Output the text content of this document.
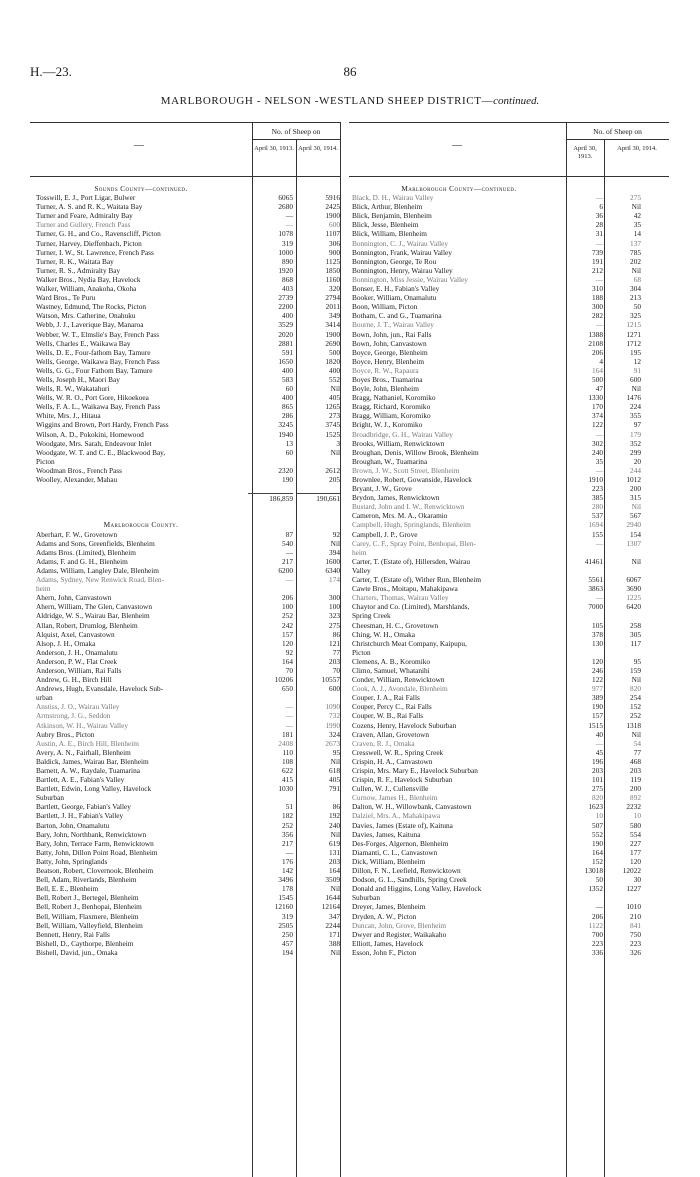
H.—23.	86
MARLBOROUGH - NELSON -WESTLAND SHEEP DISTRICT—continued.
—
No. of Sheep on
April 30, 1913. April 30, 1914.	—
No. of Sheep on
April 30, 1913.
April 30, 1914.
Sounds County—continued.
Tosswill, E. J., Port Ligar, Bulwer	6065	5916
Turner, A. S. and R. K., Waitata Bay	2680	2425
Turner and Feare, Admiralty Bay	—	1900
Turner and Gullery, French Pass	—	600
Turner, G. H., and Co., Ravenscliff, Picton	1078	1107
Turner, Harvey, Dieffenbach, Picton	319	306
Turner, I. W., St. Lawrence, French Pass	1000	900
Turner, R. K., Waitata Bay	890	1125
Turner, R. S., Admiralty Bay	1920	1850
Walker Bros., Nydia Bay, Havelock	868	1160
Walker, William, Anakoha, Okoha	403	320
Ward Bros., Te Puru	2739	2794
Wastney, Edmund, The Rocks, Picton	2200	2011
Watson, Mrs. Catherine, Onahuku	400	349
Webb, J. J., Laverique Bay, Manaroa	3529	3414
Webber, W. T., Elmslie's Bay, French Pass	2020	1900
Wells, Charles E., Waikawa Bay	2881	2690
Wells, D. E., Four-fathom Bay, Tamure	591	500
Wells, George, Waikawa Bay, French Pass	1650	1820
Wells, G. G., Four Fathom Bay, Tamure	400	400
Wells, Joseph H., Maori Bay	583	552
Wells, R. W., Wakatahuri	60	Nil
Wells, W. R. O., Port Gore, Hikoekoea	400	405
Wells, F. A. L., Waikawa Bay, French Pass	865	1265
White, Mrs. J., Hitaua	286	273
Wiggins and Brown, Port Hardy, French Pass	3245	3745
Wilson, A. D., Pokokini, Homewood	1940	1525
Woodgate, Mrs. Sarah, Endeavour Inlet	13	3
Woodgate, W. T. and C. E., Blackwood Bay,	60	Nil
Picton
Woodman Bros., French Pass	2320	2612
Woolley, Alexander, Mahau	190	205
186,859	190,661
Marlborough County.
Aberhart, F. W., Grovetown	87	92
Adams and Sons, Greenfields, Blenheim	540	Nil
Adams Bros. (Limited), Blenheim	—	394
Adams, F. and G. H., Blenheim	217	1600
Adams, William, Langley Dale, Blenheim	6200	6340
Adams, Sydney, New Renwick Road, Blen-	—	174
heim
Ahern, John, Canvastown	206	300
Ahern, William, The Glen, Canvastown	100	100
Aldridge, W. S., Wairau Bar, Blenheim	252	323
Allan, Robert, Drumlog, Blenheim	242	275
Alquist, Axel, Canvastown	157	86
Alsop, J. H., Omaka	120	121
Anderson, J. H., Onamalutu	92	77
Anderson, P. W., Flat Creek	164	203
Anderson, William, Rai Falls	70	70
Andrew, G. H., Birch Hill	10206	10557
Andrews, Hugh, Evansdale, Havelock Sub-	650	600
urban
Anstiss, J. O., Wairau Valley	—	1090
Armstrong, J. G., Seddon	—	732
Atkinson, W. H., Wairau Valley	—	1990
Aubry Bros., Picton	181	324
Austin, A. E., Birch Hill, Blenheim	2408	2673
Avery, A. N., Fairhall, Blenheim	110	95
Baldick, James, Wairau Bar, Blenheim	108	Nil
Barnett, A. W., Raydale, Tuamarina	622	618
Bartlett, A. E., Fabian's Valley	415	405
Bartlett, Edwin, Long Valley, Havelock	1030	791
Suburban
Bartlett, George, Fabian's Valley	51	86
Bartlett, J. H., Fabian's Valley	182	192
Barton, John, Onamalutu	252	240
Bary, John, Northbank, Renwicktown	356	Nil
Bary, John, Terrace Farm, Renwicktown	217	619
Batty, John, Dillon Point Road, Blenheim	—	131
Batty, John, Springlands	176	203
Beatson, Robert, Clovernook, Blenheim	142	164
Bell, Adam, Riverlands, Blenheim	3496	3509
Bell, E. E., Blenheim	178	Nil
Bell, Robert J., Bertegel, Blenheim	1545	1644
Bell, Robert J., Benhopai, Blenheim	12160	12164
Bell, William, Flaxmere, Blenheim	319	347
Bell, William, Valleyfield, Blenheim	2505	2244
Bennett, Henry, Rai Falls	250	171
Bishell, D., Caythorpe, Blenheim	457	388
Bishell, David, jun., Omaka	194	Nil
Marlborough County—continued.
Black, D. H., Wairau Valley	—	275
Blick, Arthur, Blenheim	6	Nil
Blick, Benjamin, Blenheim	36	42
Blick, Jesse, Blenheim	28	35
Blick, William, Blenheim	31	14
Bonnington, C. J., Wairau Valley	—	137
Bonnington, Frank, Wairau Valley	739	785
Bonnington, George, Te Rou	191	202
Bonnington, Henry, Wairau Valley	212	Nil
Bonnington, Miss Jessie, Wairau Valley	—	68
Bonser, E. H., Fabian's Valley	310	304
Booker, William, Onamalutu	188	213
Boon, William, Picton	300	50
Botham, C. and G., Tuamarina	282	325
Bourne, J. T., Wairau Valley	—	1215
Bown, John, jun., Rai Falls	1388	1271
Bown, John, Canvastown	2108	1712
Boyce, George, Blenheim	206	195
Boyce, Henry, Blenheim	4	12
Boyce, R. W., Rapaura	164	91
Boyes Bros., Tuamarina	500	600
Boyle, John, Blenheim	47	Nil
Bragg, Nathaniel, Koromiko	1330	1476
Bragg, Richard, Koromiko	170	224
Bragg, William, Koromiko	374	355
Bright, W. J., Koromiko	122	97
Broadbridge, G. H., Wairau Valley	—	179
Brooks, William, Renwicktown	302	352
Broughan, Denis, Willow Brook, Blenheim	240	299
Broughan, W., Tuamarina	35	20
Brown, J. W., Scott Street, Blenheim	—	244
Brownlee, Robert, Gowanside, Havelock	1910	1012
Bryant, J. W., Grove	223	200
Brydon, James, Renwicktown	385	315
Bustard, John and I. W., Renwicktown	280	Nil
Cameron, Mrs. M. A., Okaramio	537	567
Campbell, Hugh, Springlands, Blenheim	1694	2940
Campbell, J. P., Grove	155	154
Carey, C. F., Spray Point, Benhopai, Blen-	—	1307
heim
Carter, T. (Estate of), Hillersden, Wairau	41461	Nil
Valley
Carter, T. (Estate of), Wither Run, Blenheim	5561	6067
Cawte Bros., Moitapu, Mahakipawa	3863	3690
Charters, Thomas, Wairau Valley	—	1225
Chaytor and Co. (Limited), Marshlands,	7000	6420
Spring Creek
Cheesman, H. C., Grovetown	105	258
Ching, W. H., Omaka	378	305
Christchurch Meat Company, Kaipupu,	130	117
Picton
Clemens, A. B., Koromiko	120	95
Climo, Samuel, Whatanihi	246	159
Conder, William, Renwicktown	122	Nil
Cook, A. J., Avondale, Blenheim	977	820
Couper, J. A., Rai Falls	389	254
Couper, Percy C., Rai Falls	190	152
Couper, W. B., Rai Falls	157	252
Cozens, Henry, Havelock Suburban	1515	1318
Craven, Allan, Grovetown	40	Nil
Craven, R. J., Omaka	—	54
Cresswell, W. R., Spring Creek	45	77
Crispin, H. A., Canvastown	196	468
Crispin, Mrs. Mary E., Havelock Suburban	203	203
Crispin, R. F., Havelock Suburban	101	119
Cullen, W. J., Cullensville	275	200
Curnow, James H., Blenheim	820	892
Dalton, W. H., Willowbank, Canvastown	1623	2232
Dalziel, Mrs. A., Mahakipawa	10	10
Davies, James (Estate of), Kaituna	507	580
Davies, James, Kaituna	552	554
Des-Forges, Algernon, Blenheim	190	227
Diamanti, C. L., Canvastown	164	177
Dick, William, Blenheim	152	120
Dillon, F. N., Leefield, Renwicktown	13018	12022
Dodson, G. L., Sandhills, Spring Creek	50	30
Donald and Higgins, Long Valley, Havelock	1352	1227
Suburban
Dreyer, James, Blenheim	—	1010
Dryden, A. W., Picton	206	210
Duncan, John, Grove, Blenheim	1122	841
Dwyer and Register, Waikakaho	700	750
Elliott, James, Havelock	223	223
Esson, John F., Picton	336	326
